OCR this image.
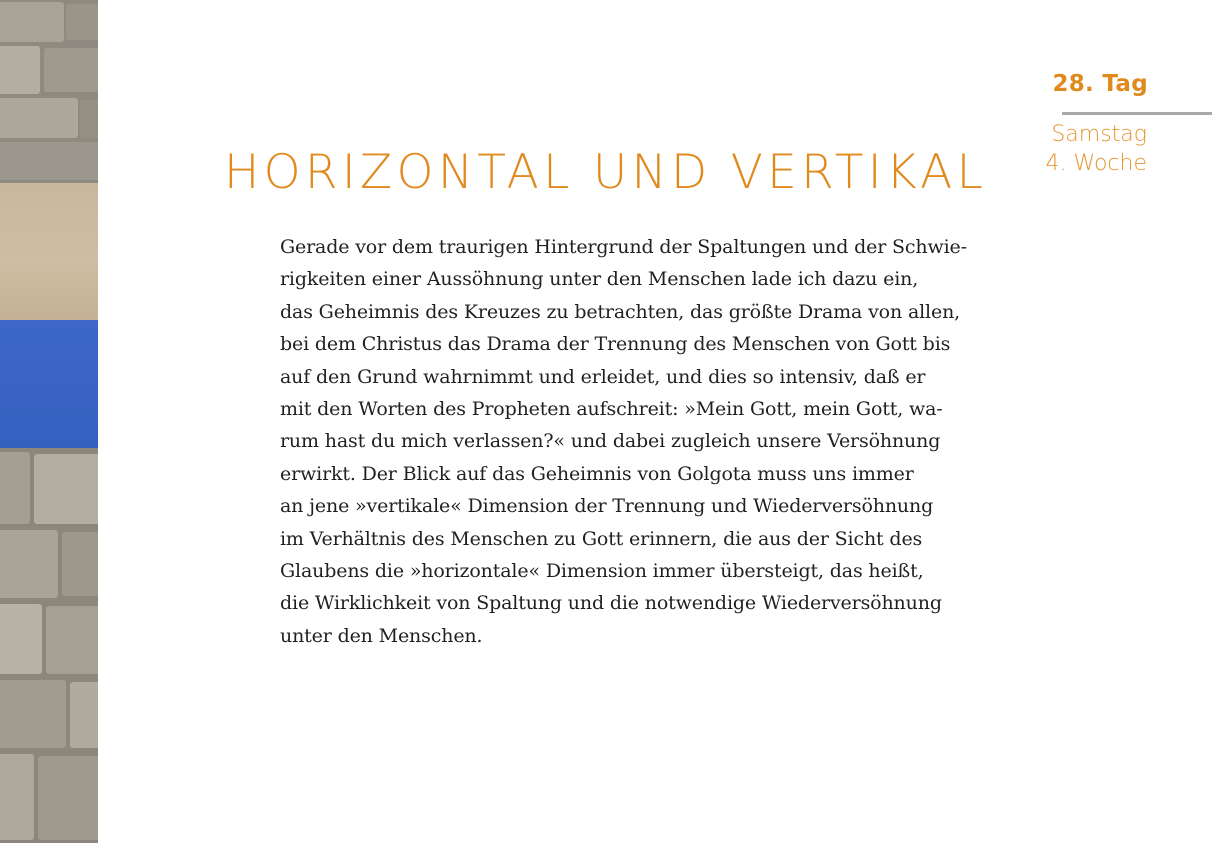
28. Tag
Samstag
4. Woche
HORIZONTAL UND VERTIKAL
Gerade vor dem traurigen Hintergrund der Spaltungen und der Schwie-
rigkeiten einer Aussöhnung unter den Menschen lade ich dazu ein,
das Geheimnis des Kreuzes zu betrachten, das größte Drama von allen,
bei dem Christus das Drama der Trennung des Menschen von Gott bis
auf den Grund wahrnimmt und erleidet, und dies so intensiv, daß er
mit den Worten des Propheten aufschreit: »Mein Gott, mein Gott, wa-
rum hast du mich verlassen?« und dabei zugleich unsere Versöhnung
erwirkt. Der Blick auf das Geheimnis von Golgota muss uns immer
an jene »vertikale« Dimension der Trennung und Wiederversöhnung
im Verhältnis des Menschen zu Gott erinnern, die aus der Sicht des
Glaubens die »horizontale« Dimension immer übersteigt, das heißt,
die Wirklichkeit von Spaltung und die notwendige Wiederversöhnung
unter den Menschen.
